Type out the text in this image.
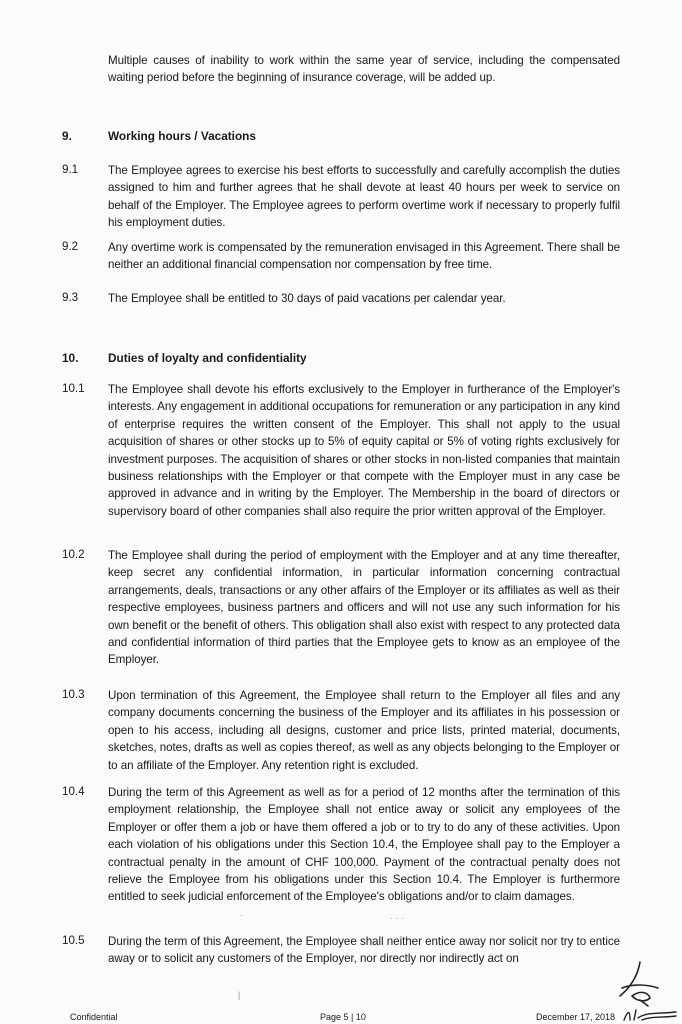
Multiple causes of inability to work within the same year of service, including the compensated waiting period before the beginning of insurance coverage, will be added up.
9.	Working hours / Vacations
9.1	The Employee agrees to exercise his best efforts to successfully and carefully accomplish the duties assigned to him and further agrees that he shall devote at least 40 hours per week to service on behalf of the Employer. The Employee agrees to perform overtime work if necessary to properly fulfil his employment duties.
9.2	Any overtime work is compensated by the remuneration envisaged in this Agreement. There shall be neither an additional financial compensation nor compensation by free time.
9.3	The Employee shall be entitled to 30 days of paid vacations per calendar year.
10.	Duties of loyalty and confidentiality
10.1 The Employee shall devote his efforts exclusively to the Employer in furtherance of the Employer's interests. Any engagement in additional occupations for remuneration or any participation in any kind of enterprise requires the written consent of the Employer. This shall not apply to the usual acquisition of shares or other stocks up to 5% of equity capital or 5% of voting rights exclusively for investment purposes. The acquisition of shares or other stocks in non-listed companies that maintain business relationships with the Employer or that compete with the Employer must in any case be approved in advance and in writing by the Employer. The Membership in the board of directors or supervisory board of other companies shall also require the prior written approval of the Employer.
10.2 The Employee shall during the period of employment with the Employer and at any time thereafter, keep secret any confidential information, in particular information concerning contractual arrangements, deals, transactions or any other affairs of the Employer or its affiliates as well as their respective employees, business partners and officers and will not use any such information for his own benefit or the benefit of others. This obligation shall also exist with respect to any protected data and confidential information of third parties that the Employee gets to know as an employee of the Employer.
10.3 Upon termination of this Agreement, the Employee shall return to the Employer all files and any company documents concerning the business of the Employer and its affiliates in his possession or open to his access, including all designs, customer and price lists, printed material, documents, sketches, notes, drafts as well as copies thereof, as well as any objects belonging to the Employer or to an affiliate of the Employer. Any retention right is excluded.
10.4 During the term of this Agreement as well as for a period of 12 months after the termination of this employment relationship, the Employee shall not entice away or solicit any employees of the Employer or offer them a job or have them offered a job or to try to do any of these activities. Upon each violation of his obligations under this Section 10.4, the Employee shall pay to the Employer a contractual penalty in the amount of CHF 100,000. Payment of the contractual penalty does not relieve the Employee from his obligations under this Section 10.4. The Employer is furthermore entitled to seek judicial enforcement of the Employee's obligations and/or to claim damages.
10.5 During the term of this Agreement, the Employee shall neither entice away nor solicit nor try to entice away or to solicit any customers of the Employer, nor directly nor indirectly act on
· · ·
·
|
Confidential	Page 5 | 10	December 17, 2018
